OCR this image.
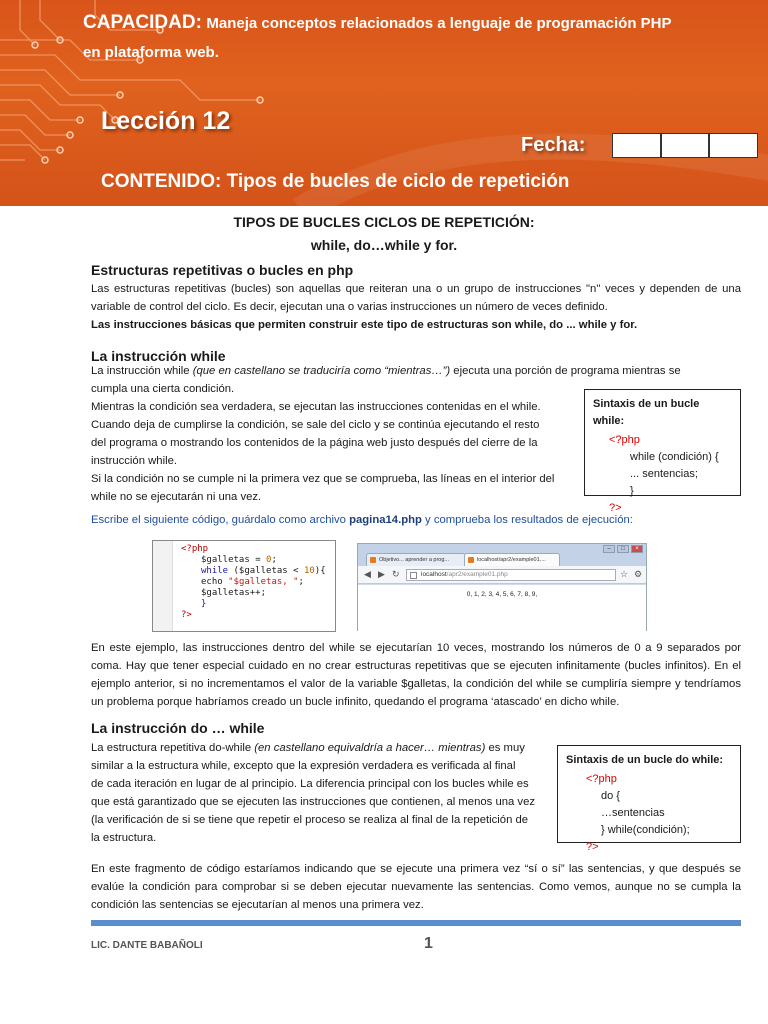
CAPACIDAD: Maneja conceptos relacionados a lenguaje de programación PHP
en plataforma web.
Lección 12
Fecha:
CONTENIDO: Tipos de bucles de ciclo de repetición
TIPOS DE BUCLES CICLOS DE REPETICIÓN:
while, do…while y for.
Estructuras repetitivas o bucles en php
Las estructuras repetitivas (bucles) son aquellas que reiteran una o un grupo de instrucciones "n" veces y dependen de una variable de control del ciclo. Es decir, ejecutan una o varias instrucciones un número de veces definido.
Las instrucciones básicas que permiten construir este tipo de estructuras son while, do ... while y for.
La instrucción while
La instrucción while (que en castellano se traduciría como “mientras…”) ejecuta una porción de programa mientras se
cumpla una cierta condición.
Mientras la condición sea verdadera, se ejecutan las instrucciones contenidas en el while.
Cuando deja de cumplirse la condición, se sale del ciclo y se continúa ejecutando el resto
del programa o mostrando los contenidos de la página web justo después del cierre de la
instrucción while.
Si la condición no se cumple ni la primera vez que se comprueba, las líneas en el interior del
while no se ejecutarán ni una vez.
Sintaxis de un bucle while:
<?php
while (condición) {
... sentencias;
}
?>
Escribe el siguiente código, guárdalo como archivo pagina14.php y comprueba los resultados de ejecución:
<?php
$galletas = 0;
while ($galletas < 10){
echo "$galletas, ";
$galletas++;
}
?>
Objetivo... aprender a prog...	localhost/apr2/example01....
–	□	×
◀ ▶ ↻	localhost/apr2/example01.php	☆ ⚙
0, 1, 2, 3, 4, 5, 6, 7, 8, 9,
En este ejemplo, las instrucciones dentro del while se ejecutarían 10 veces, mostrando los números de 0 a 9 separados por coma. Hay que tener especial cuidado en no crear estructuras repetitivas que se ejecuten infinitamente (bucles infinitos). En el ejemplo anterior, si no incrementamos el valor de la variable $galletas, la condición del while se cumpliría siempre y tendríamos un problema porque habríamos creado un bucle infinito, quedando el programa ‘atascado’ en dicho while.
La instrucción do … while
La estructura repetitiva do-while (en castellano equivaldría a hacer… mientras) es muy
similar a la estructura while, excepto que la expresión verdadera es verificada al final
de cada iteración en lugar de al principio. La diferencia principal con los bucles while es
que está garantizado que se ejecuten las instrucciones que contienen, al menos una vez
(la verificación de si se tiene que repetir el proceso se realiza al final de la repetición de
la estructura.
Sintaxis de un bucle do while:
<?php
do {
…sentencias
} while(condición);
?>
En este fragmento de código estaríamos indicando que se ejecute una primera vez “sí o sí” las sentencias, y que después se evalúe la condición para comprobar si se deben ejecutar nuevamente las sentencias. Como vemos, aunque no se cumpla la condición las sentencias se ejecutarían al menos una primera vez.
LIC. DANTE BABAÑOLI	1
